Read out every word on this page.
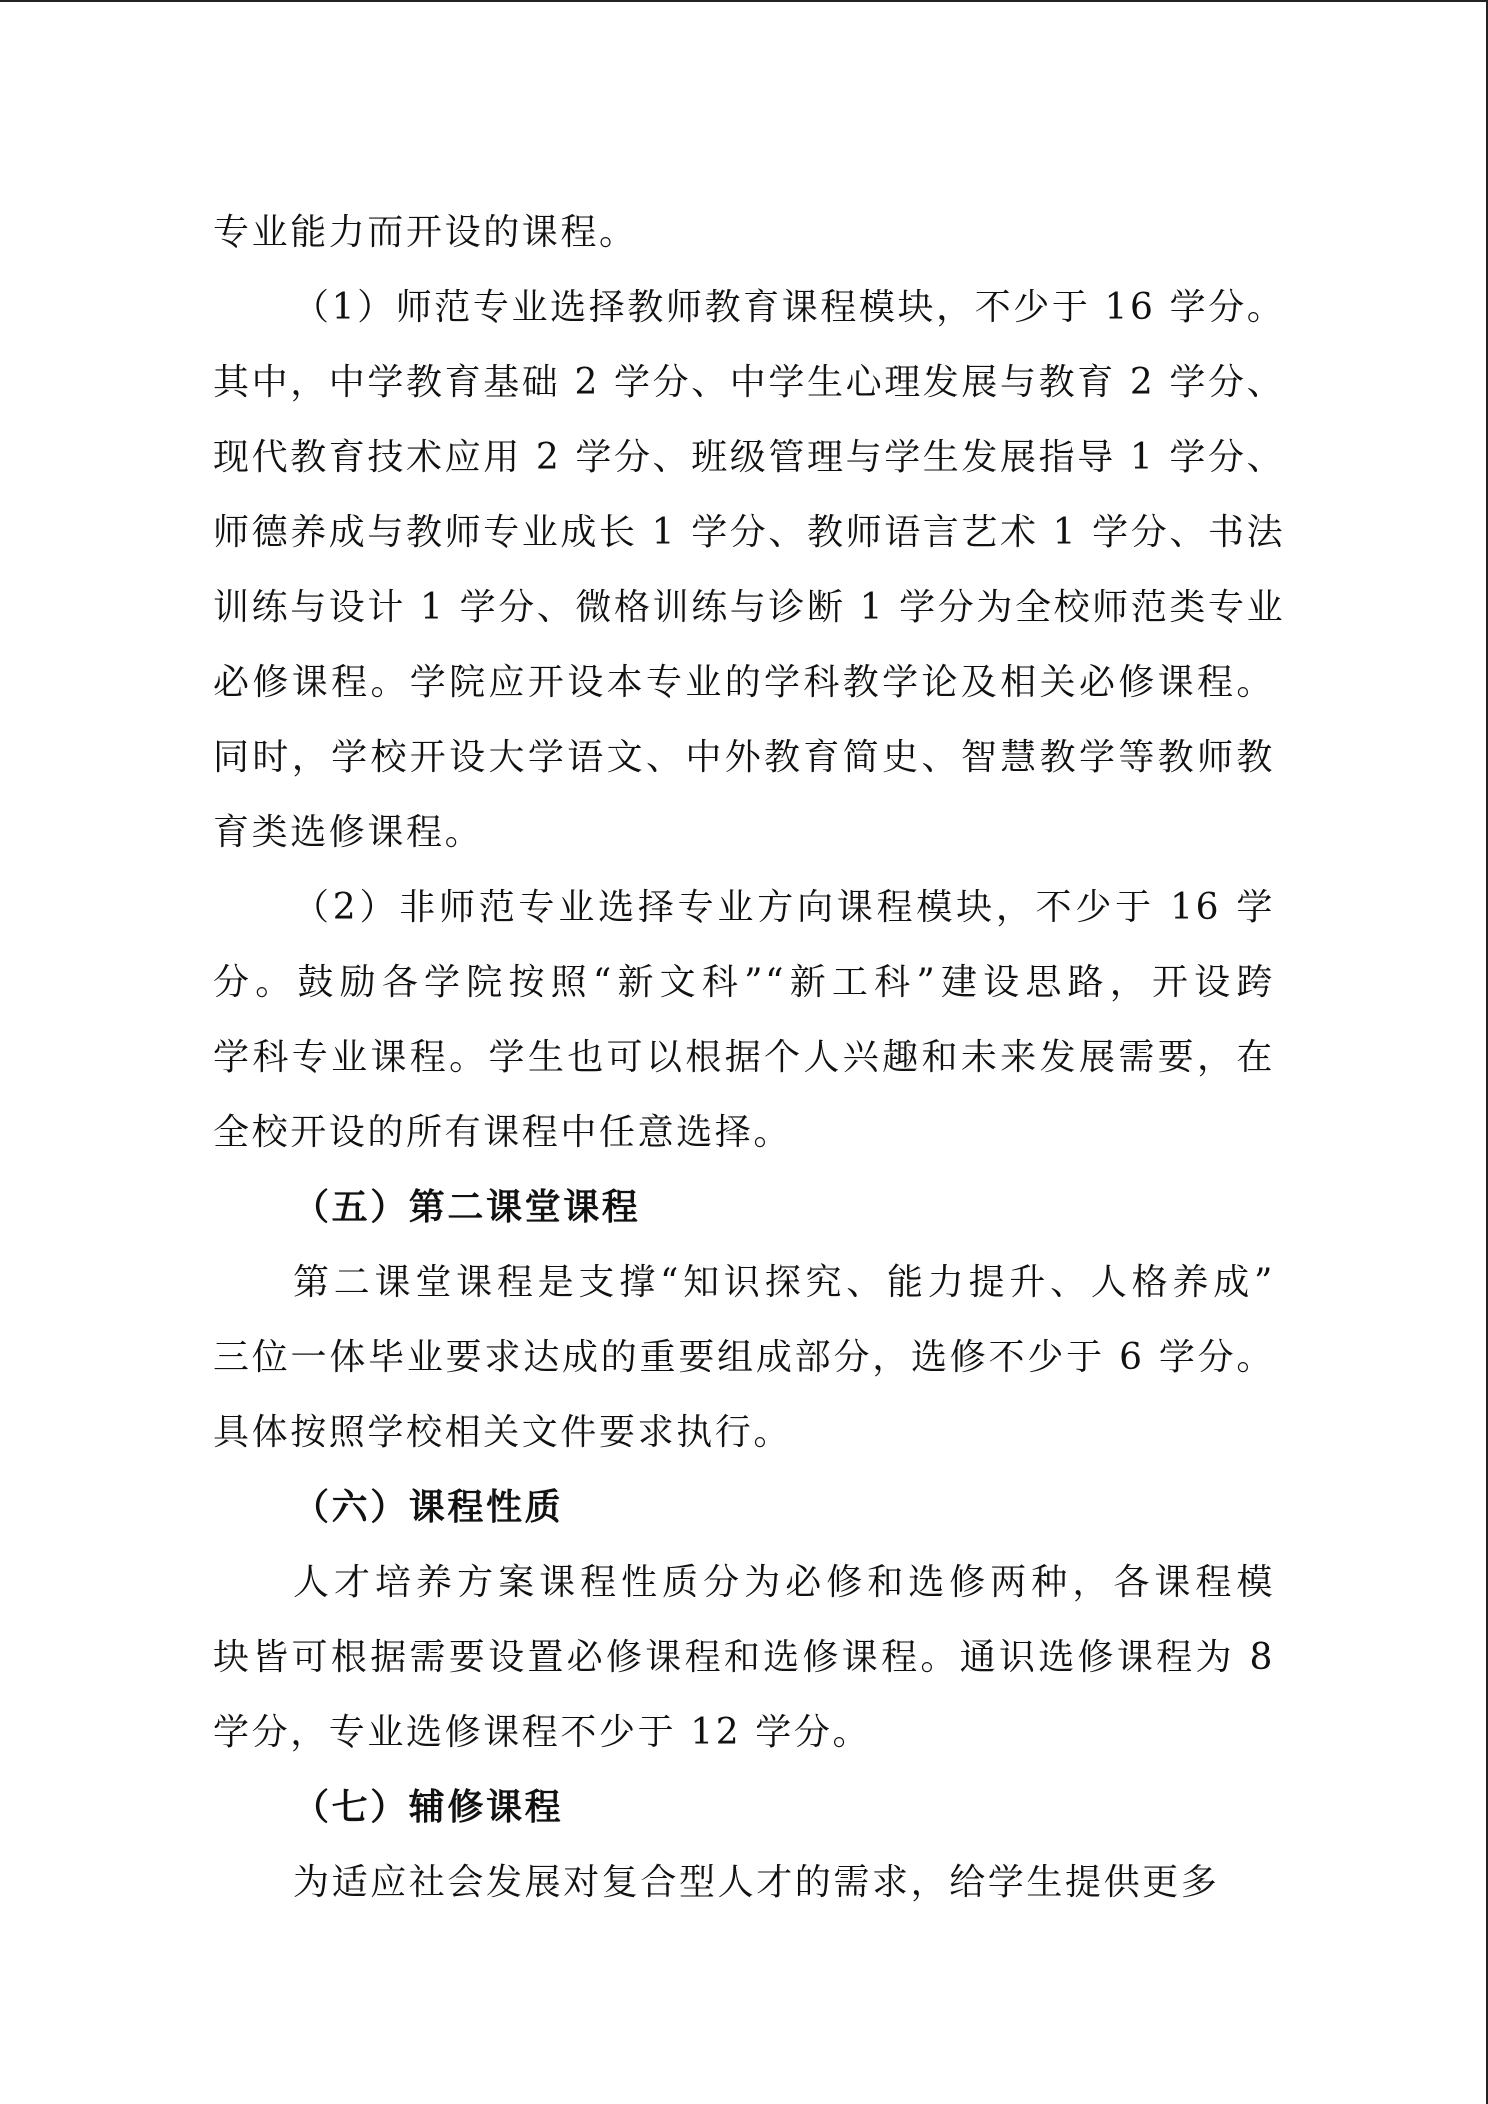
专业能力而开设的课程。
（1）师范专业选择教师教育课程模块，不少于 16 学分。
其中，中学教育基础 2 学分、中学生心理发展与教育 2 学分、
现代教育技术应用 2 学分、班级管理与学生发展指导 1 学分、
师德养成与教师专业成长 1 学分、教师语言艺术 1 学分、书法
训练与设计 1 学分、微格训练与诊断 1 学分为全校师范类专业
必修课程。学院应开设本专业的学科教学论及相关必修课程。
同时，学校开设大学语文、中外教育简史、智慧教学等教师教
育类选修课程。
（2）非师范专业选择专业方向课程模块，不少于 16 学
分。鼓励各学院按照“新文科”“新工科”建设思路，开设跨
学科专业课程。学生也可以根据个人兴趣和未来发展需要，在
全校开设的所有课程中任意选择。
（五）第二课堂课程
第二课堂课程是支撑“知识探究、能力提升、人格养成”
三位一体毕业要求达成的重要组成部分，选修不少于 6 学分。
具体按照学校相关文件要求执行。
（六）课程性质
人才培养方案课程性质分为必修和选修两种，各课程模
块皆可根据需要设置必修课程和选修课程。通识选修课程为 8
学分，专业选修课程不少于 12 学分。
（七）辅修课程
为适应社会发展对复合型人才的需求，给学生提供更多
